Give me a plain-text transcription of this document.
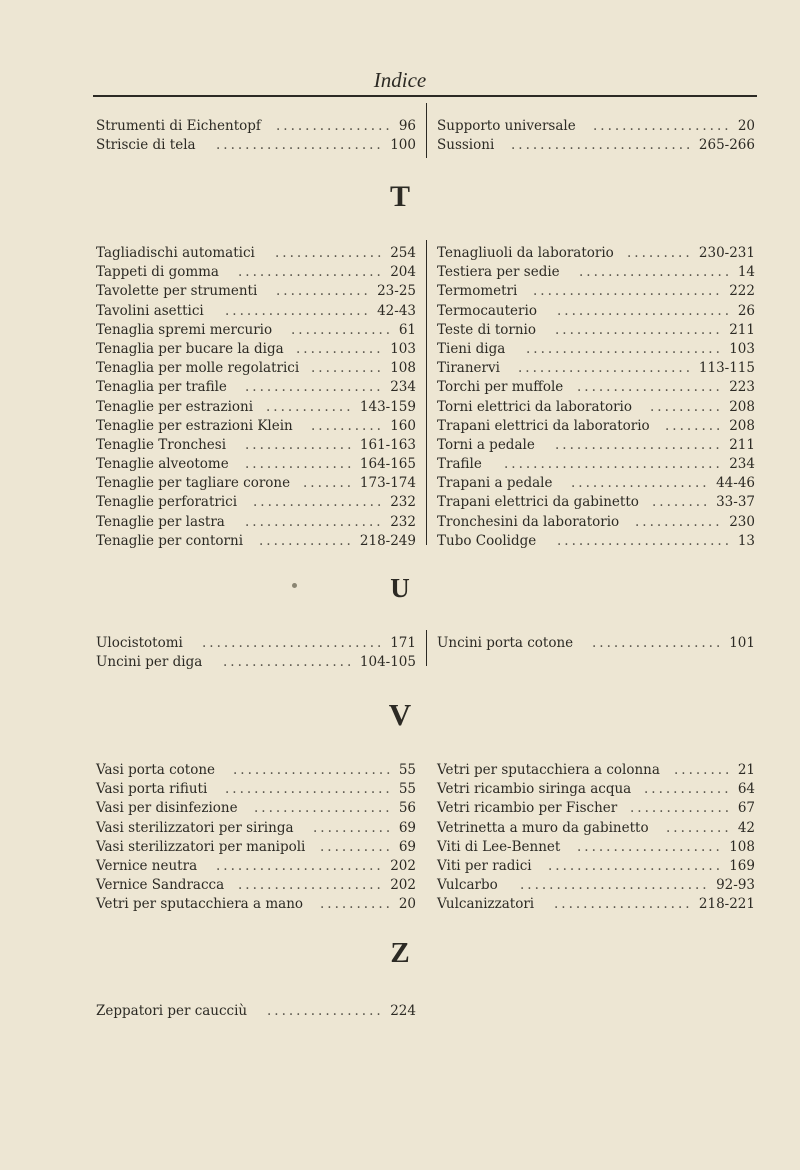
Indice
Strumenti di Eichentopf ................ 96
Striscie di tela ....................... 100
Supporto universale ................... 20
Sussioni ......................... 265-266
T
Tagliadischi automatici ............... 254
Tappeti di gomma .................... 204
Tavolette per strumenti ............. 23-25
Tavolini asettici .................... 42-43
Tenaglia spremi mercurio .............. 61
Tenaglia per bucare la diga ............ 103
Tenaglia per molle regolatrici .......... 108
Tenaglia per trafile ................... 234
Tenaglie per estrazioni ............ 143-159
Tenaglie per estrazioni Klein .......... 160
Tenaglie Tronchesi ............... 161-163
Tenaglie alveotome ............... 164-165
Tenaglie per tagliare corone ....... 173-174
Tenaglie perforatrici .................. 232
Tenaglie per lastra ................... 232
Tenaglie per contorni ............. 218-249
Tenagliuoli da laboratorio ......... 230-231
Testiera per sedie ..................... 14
Termometri .......................... 222
Termocauterio ........................ 26
Teste di tornio ....................... 211
Tieni diga ........................... 103
Tiranervi ........................ 113-115
Torchi per muffole .................... 223
Torni elettrici da laboratorio .......... 208
Trapani elettrici da laboratorio ........ 208
Torni a pedale ....................... 211
Trafile .............................. 234
Trapani a pedale ................... 44-46
Trapani elettrici da gabinetto ........ 33-37
Tronchesini da laboratorio ............ 230
Tubo Coolidge ........................ 13
U
Ulocistotomi ......................... 171
Uncini per diga .................. 104-105
Uncini porta cotone .................. 101
V
Vasi porta cotone ...................... 55
Vasi porta rifiuti ....................... 55
Vasi per disinfezione ................... 56
Vasi sterilizzatori per siringa ........... 69
Vasi sterilizzatori per manipoli .......... 69
Vernice neutra ....................... 202
Vernice Sandracca .................... 202
Vetri per sputacchiera a mano .......... 20
Vetri per sputacchiera a colonna ........ 21
Vetri ricambio siringa acqua ............ 64
Vetri ricambio per Fischer .............. 67
Vetrinetta a muro da gabinetto ......... 42
Viti di Lee-Bennet .................... 108
Viti per radici ........................ 169
Vulcarbo .......................... 92-93
Vulcanizzatori ................... 218-221
Z
Zeppatori per caucciù ................ 224
